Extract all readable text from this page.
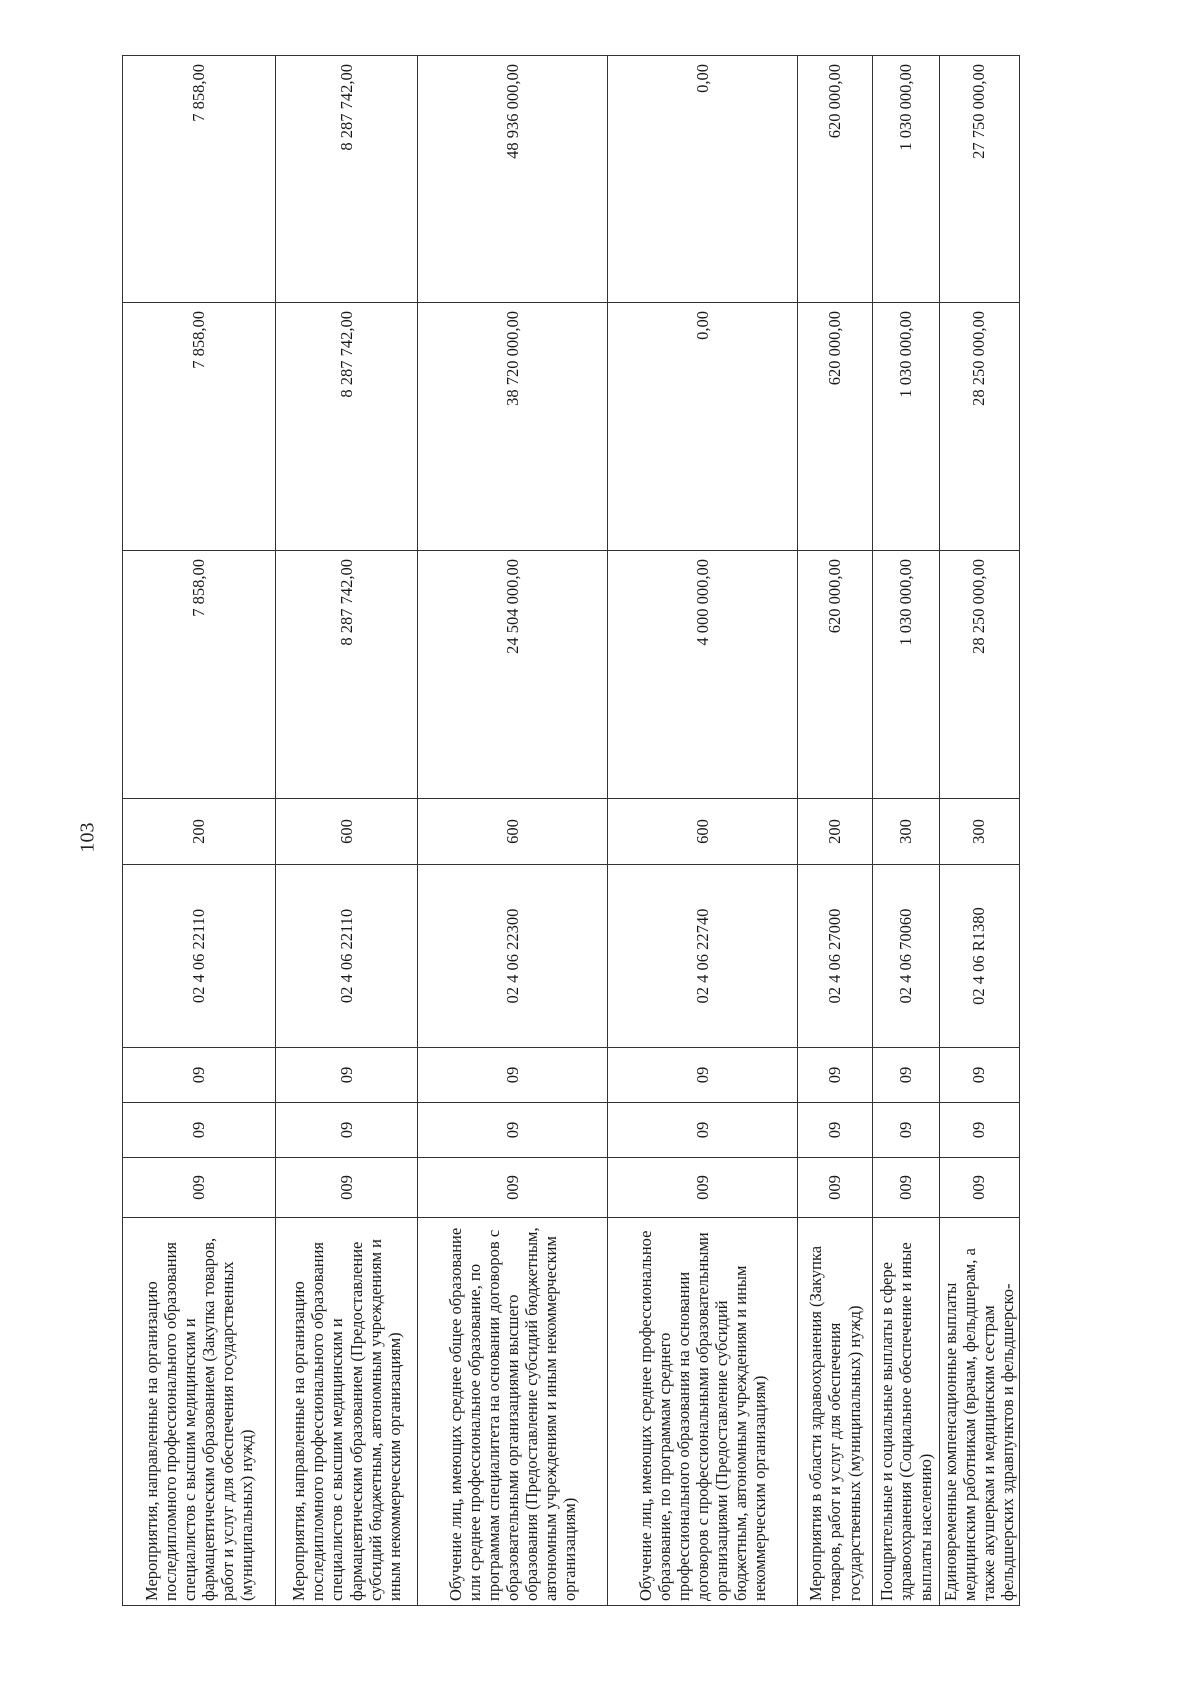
103
Мероприятия, направленные на организацию последипломного профессионального образования специалистов с высшим медицинским и фармацевтическим образованием (Закупка товаров, работ и услуг для обеспечения государственных (муниципальных) нужд)	009	09	09	02 4 06 22110	200	7 858,00	7 858,00	7 858,00
Мероприятия, направленные на организацию последипломного профессионального образования специалистов с высшим медицинским и фармацевтическим образованием (Предоставление субсидий бюджетным, автономным учреждениям и иным некоммерческим организациям)	009	09	09	02 4 06 22110	600	8 287 742,00	8 287 742,00	8 287 742,00
Обучение лиц, имеющих среднее общее образование или среднее профессиональное образование, по программам специалитета на основании договоров с образовательными организациями высшего образования (Предоставление субсидий бюджетным, автономным учреждениям и иным некоммерческим организациям)	009	09	09	02 4 06 22300	600	24 504 000,00	38 720 000,00	48 936 000,00
Обучение лиц, имеющих среднее профессиональное образование, по программам среднего профессионального образования на основании договоров с профессиональными образовательными организациями (Предоставление субсидий бюджетным, автономным учреждениям и иным некоммерческим организациям)	009	09	09	02 4 06 22740	600	4 000 000,00	0,00	0,00
Мероприятия в области здравоохранения (Закупка товаров, работ и услуг для обеспечения государственных (муниципальных) нужд)	009	09	09	02 4 06 27000	200	620 000,00	620 000,00	620 000,00
Поощрительные и социальные выплаты в сфере здравоохранения (Социальное обеспечение и иные выплаты населению)	009	09	09	02 4 06 70060	300	1 030 000,00	1 030 000,00	1 030 000,00
Единовременные компенсационные выплаты медицинским работникам (врачам, фельдшерам, а также акушеркам и медицинским сестрам фельдшерских здравпунктов и фельдшерско-	009	09	09	02 4 06 R1380	300	28 250 000,00	28 250 000,00	27 750 000,00
